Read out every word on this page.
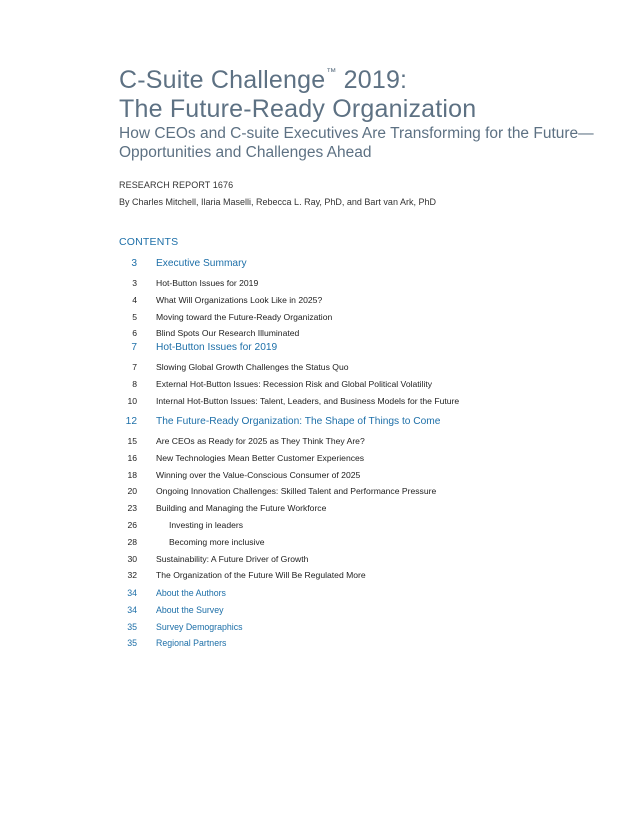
C-Suite Challenge™ 2019:
The Future-Ready Organization
How CEOs and C-suite Executives Are Transforming for the Future—Opportunities and Challenges Ahead
RESEARCH REPORT 1676
By Charles Mitchell, Ilaria Maselli, Rebecca L. Ray, PhD, and Bart van Ark, PhD
CONTENTS
3 Executive Summary
3 Hot-Button Issues for 2019
4 What Will Organizations Look Like in 2025?
5 Moving toward the Future-Ready Organization
6 Blind Spots Our Research Illuminated
7 Hot-Button Issues for 2019
7 Slowing Global Growth Challenges the Status Quo
8 External Hot-Button Issues: Recession Risk and Global Political Volatility
10 Internal Hot-Button Issues: Talent, Leaders, and Business Models for the Future
12 The Future-Ready Organization: The Shape of Things to Come
15 Are CEOs as Ready for 2025 as They Think They Are?
16 New Technologies Mean Better Customer Experiences
18 Winning over the Value-Conscious Consumer of 2025
20 Ongoing Innovation Challenges: Skilled Talent and Performance Pressure
23 Building and Managing the Future Workforce
26	Investing in leaders
28	Becoming more inclusive
30 Sustainability: A Future Driver of Growth
32 The Organization of the Future Will Be Regulated More
34 About the Authors
34 About the Survey
35 Survey Demographics
35 Regional Partners
